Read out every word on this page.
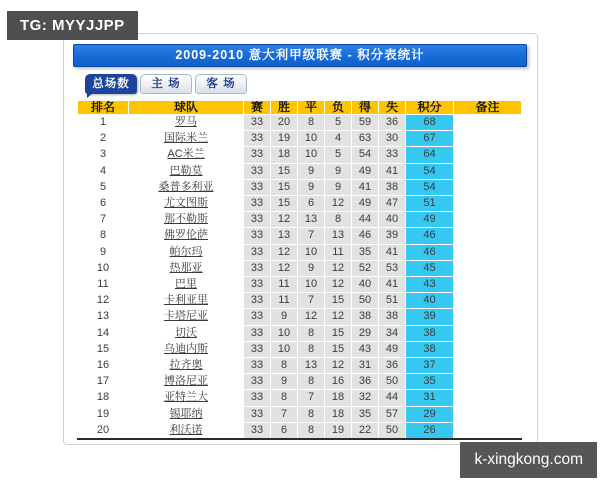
TG: MYYJJPP
k-xingkong.com
2009-2010 意大利甲级联赛 - 积分表统计
总场数	主 场	客 场
排名	球队	赛	胜	平	负	得	失	积分	备注
1	罗马	33	20	8	5	59	36	68	
2	国际米兰	33	19	10	4	63	30	67	
3	AC米兰	33	18	10	5	54	33	64	
4	巴勒莫	33	15	9	9	49	41	54	
5	桑普多利亚	33	15	9	9	41	38	54	
6	尤文图斯	33	15	6	12	49	47	51	
7	那不勒斯	33	12	13	8	44	40	49	
8	佛罗伦萨	33	13	7	13	46	39	46	
9	帕尔玛	33	12	10	11	35	41	46	
10	热那亚	33	12	9	12	52	53	45	
11	巴里	33	11	10	12	40	41	43	
12	卡利亚里	33	11	7	15	50	51	40	
13	卡塔尼亚	33	9	12	12	38	38	39	
14	切沃	33	10	8	15	29	34	38	
15	乌迪内斯	33	10	8	15	43	49	38	
16	拉齐奥	33	8	13	12	31	36	37	
17	博洛尼亚	33	9	8	16	36	50	35	
18	亚特兰大	33	8	7	18	32	44	31	
19	锡耶纳	33	7	8	18	35	57	29	
20	利沃诺	33	6	8	19	22	50	26	
